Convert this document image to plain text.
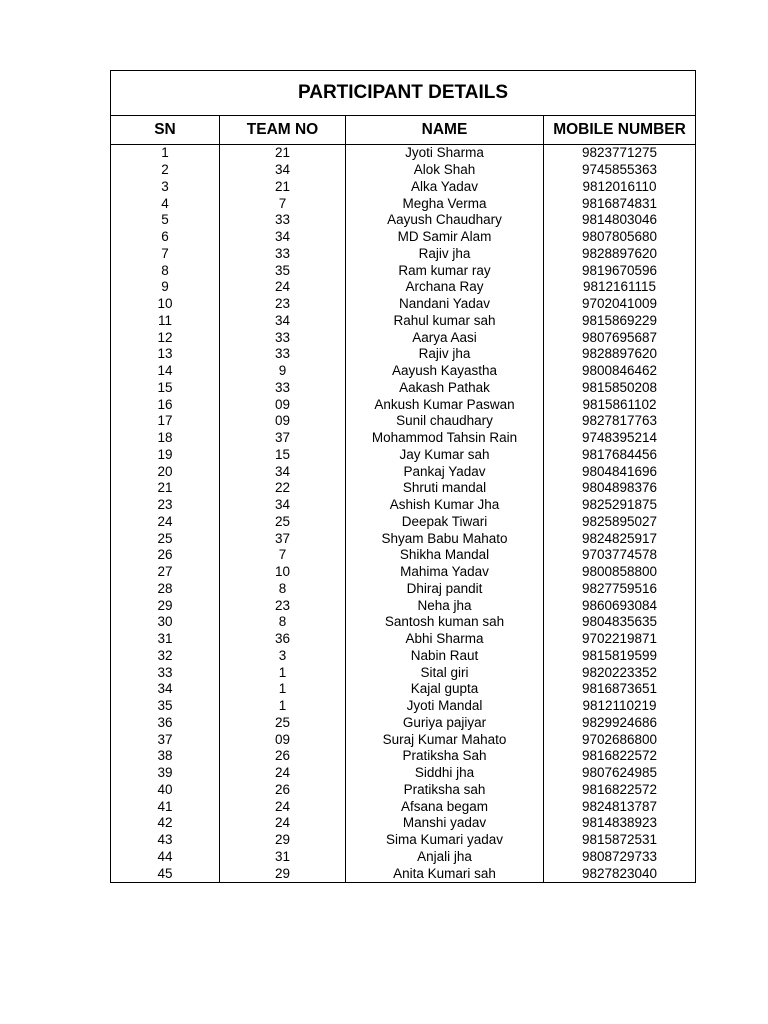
PARTICIPANT DETAILS			
SN	TEAM NO	NAME	MOBILE NUMBER
1	21	Jyoti Sharma	9823771275
2	34	Alok Shah	9745855363
3	21	Alka Yadav	9812016110
4	7	Megha Verma	9816874831
5	33	Aayush Chaudhary	9814803046
6	34	MD Samir Alam	9807805680
7	33	Rajiv jha	9828897620
8	35	Ram kumar ray	9819670596
9	24	Archana Ray	9812161115
10	23	Nandani Yadav	9702041009
11	34	Rahul kumar sah	9815869229
12	33	Aarya Aasi	9807695687
13	33	Rajiv jha	9828897620
14	9	Aayush Kayastha	9800846462
15	33	Aakash Pathak	9815850208
16	09	Ankush Kumar Paswan	9815861102
17	09	Sunil chaudhary	9827817763
18	37	Mohammod Tahsin Rain	9748395214
19	15	Jay Kumar sah	9817684456
20	34	Pankaj Yadav	9804841696
21	22	Shruti mandal	9804898376
23	34	Ashish Kumar Jha	9825291875
24	25	Deepak Tiwari	9825895027
25	37	Shyam Babu Mahato	9824825917
26	7	Shikha Mandal	9703774578
27	10	Mahima Yadav	9800858800
28	8	Dhiraj pandit	9827759516
29	23	Neha jha	9860693084
30	8	Santosh kuman sah	9804835635
31	36	Abhi Sharma	9702219871
32	3	Nabin Raut	9815819599
33	1	Sital giri	9820223352
34	1	Kajal gupta	9816873651
35	1	Jyoti Mandal	9812110219
36	25	Guriya pajiyar	9829924686
37	09	Suraj Kumar Mahato	9702686800
38	26	Pratiksha Sah	9816822572
39	24	Siddhi jha	9807624985
40	26	Pratiksha sah	9816822572
41	24	Afsana begam	9824813787
42	24	Manshi yadav	9814838923
43	29	Sima Kumari yadav	9815872531
44	31	Anjali jha	9808729733
45	29	Anita Kumari sah	9827823040
